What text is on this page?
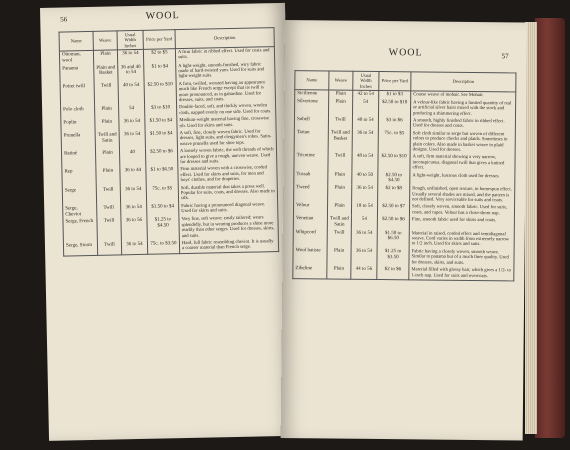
56	WOOL
Name	Weave	Usual Width Inches	Price per Yard	Description
Ottoman, wool	Plain	36 to 54	$2 to $5	A firm fabric in ribbed effect. Used for coats and suits.
Panama	Plain and Basket	36 and 40 to 54	$1 to $4	A light-weight, smooth-finished, wiry fabric made of hard-twisted yarn. Used for suits and light-weight suits.
Poiret twill	Twill	40 to 54	$2.50 to $10	A firm, twilled, worsted having an appearance much like French serge except that its twill is more pronounced, as in gabardine. Used for dresses, suits, and coats.
Polo cloth	Plain	54	$3 to $10	Double-faced, soft, and thickly woven, woolen cloth, napped evenly on one side. Used for coats.
Poplin	Plain	36 to 54	$1.50 to $4	Medium-weight material having fine, crosswise rib. Used for skirts and suits.
Prunella	Twill and Satin	36 to 54	$1.50 to $4	A soft, fine, closely woven fabric. Used for dresses, light suits, and clergymen's robes. Satin-weave prunella used for shoe tops.
Ratiné	Plain	40	$2.50 to $6	A loosely woven fabric, the weft threads of which are looped to give a rough, uneven weave. Used for dresses and suits.
Rep	Plain	36 to 44	$1 to $6.50	Firm material woven with a crosswise, corded effect. Used for skirts and suits, for men and boys' clothes, and for draperies.
Serge	Twill	36 to 54	75c. to $5	Soft, durable material that takes a press well. Popular for suits, coats, and dresses. Also made in silk.
Serge, Cheviot	Twill	36 to 54	$1.50 to $4	Fabric having a pronounced diagonal weave. Used for skirts and suits.
Serge, French	Twill	36 to 56	$1.25 to $4.50	Very fine, soft weave; easily tailored; wears splendidly, but in wearing produces a shine more readily than other serges. Used for dresses, skirts, and suits.
Serge, Storm	Twill	36 to 54	75c. to $3.50	Hard, full fabric resembling cheviot. It is usually a coarser material than French serge.
WOOL	57
Name	Weave	Usual Width Inches	Price per Yard	Description
Sicilienne	Plain	42 to 54	$1 to $3	Coarse weave of mohair. See Mohair.
Silvertone	Plain	54	$2.50 to $10	A velour-like fabric having a limited quantity of real or artificial silver hairs mixed with the stock and producing a shimmering effect.
Sobell	Twill	40 to 54	$3 to $6	A smooth, highly finished fabric in ribbed effect. Used for dresses and coats.
Tartan	Twill and Basket	36 to 54	75c. to $5	Soft cloth similar to serge but woven of different colors to produce checks and plaids. Sometimes in plain colors. Also made in basket weave in plaid designs. Used for dresses.
Tricotine	Twill	48 to 54	$2.50 to $10	A soft, firm material showing a very narrow, inconspicuous, diagonal twill that gives a knitted effect.
Tussah	Plain	40 to 50	$2.50 to $4.50	A light-weight, lustrous cloth used for dresses.
Tweed	Plain	36 to 54	$2 to $8	Rough, unfinished, open texture, in homespun effect. Usually several shades are mixed, and the pattern is not defined. Very serviceable for suits and coats.
Velour	Plain	18 to 54	$2.50 to $7	Soft, closely woven, smooth fabric. Used for suits, coats, and capes. Velour has a close-shorn nap.
Venetian	Twill and Satin	54	$2.50 to $6	Fine, smooth fabric used for skirts and coats.
Whipcord	Twill	36 to 54	$1.50 to $6.50	Material in raised, corded effect and semidiagonal weave. Cord varies in width from extremely narrow to 1/2 inch. Used for skirts and suits.
Wool batiste	Plain	36 to 54	$1.25 to $3.50	Fabric having a closely woven, smooth weave. Similar to panama but of a much finer quality. Used for dresses, skirts, and suits.
Zibeline	Plain	44 to 56	$2 to $6	Material filled with glossy hair, which gives a 1/2- to 1-inch nap. Used for suits and overcoats.
